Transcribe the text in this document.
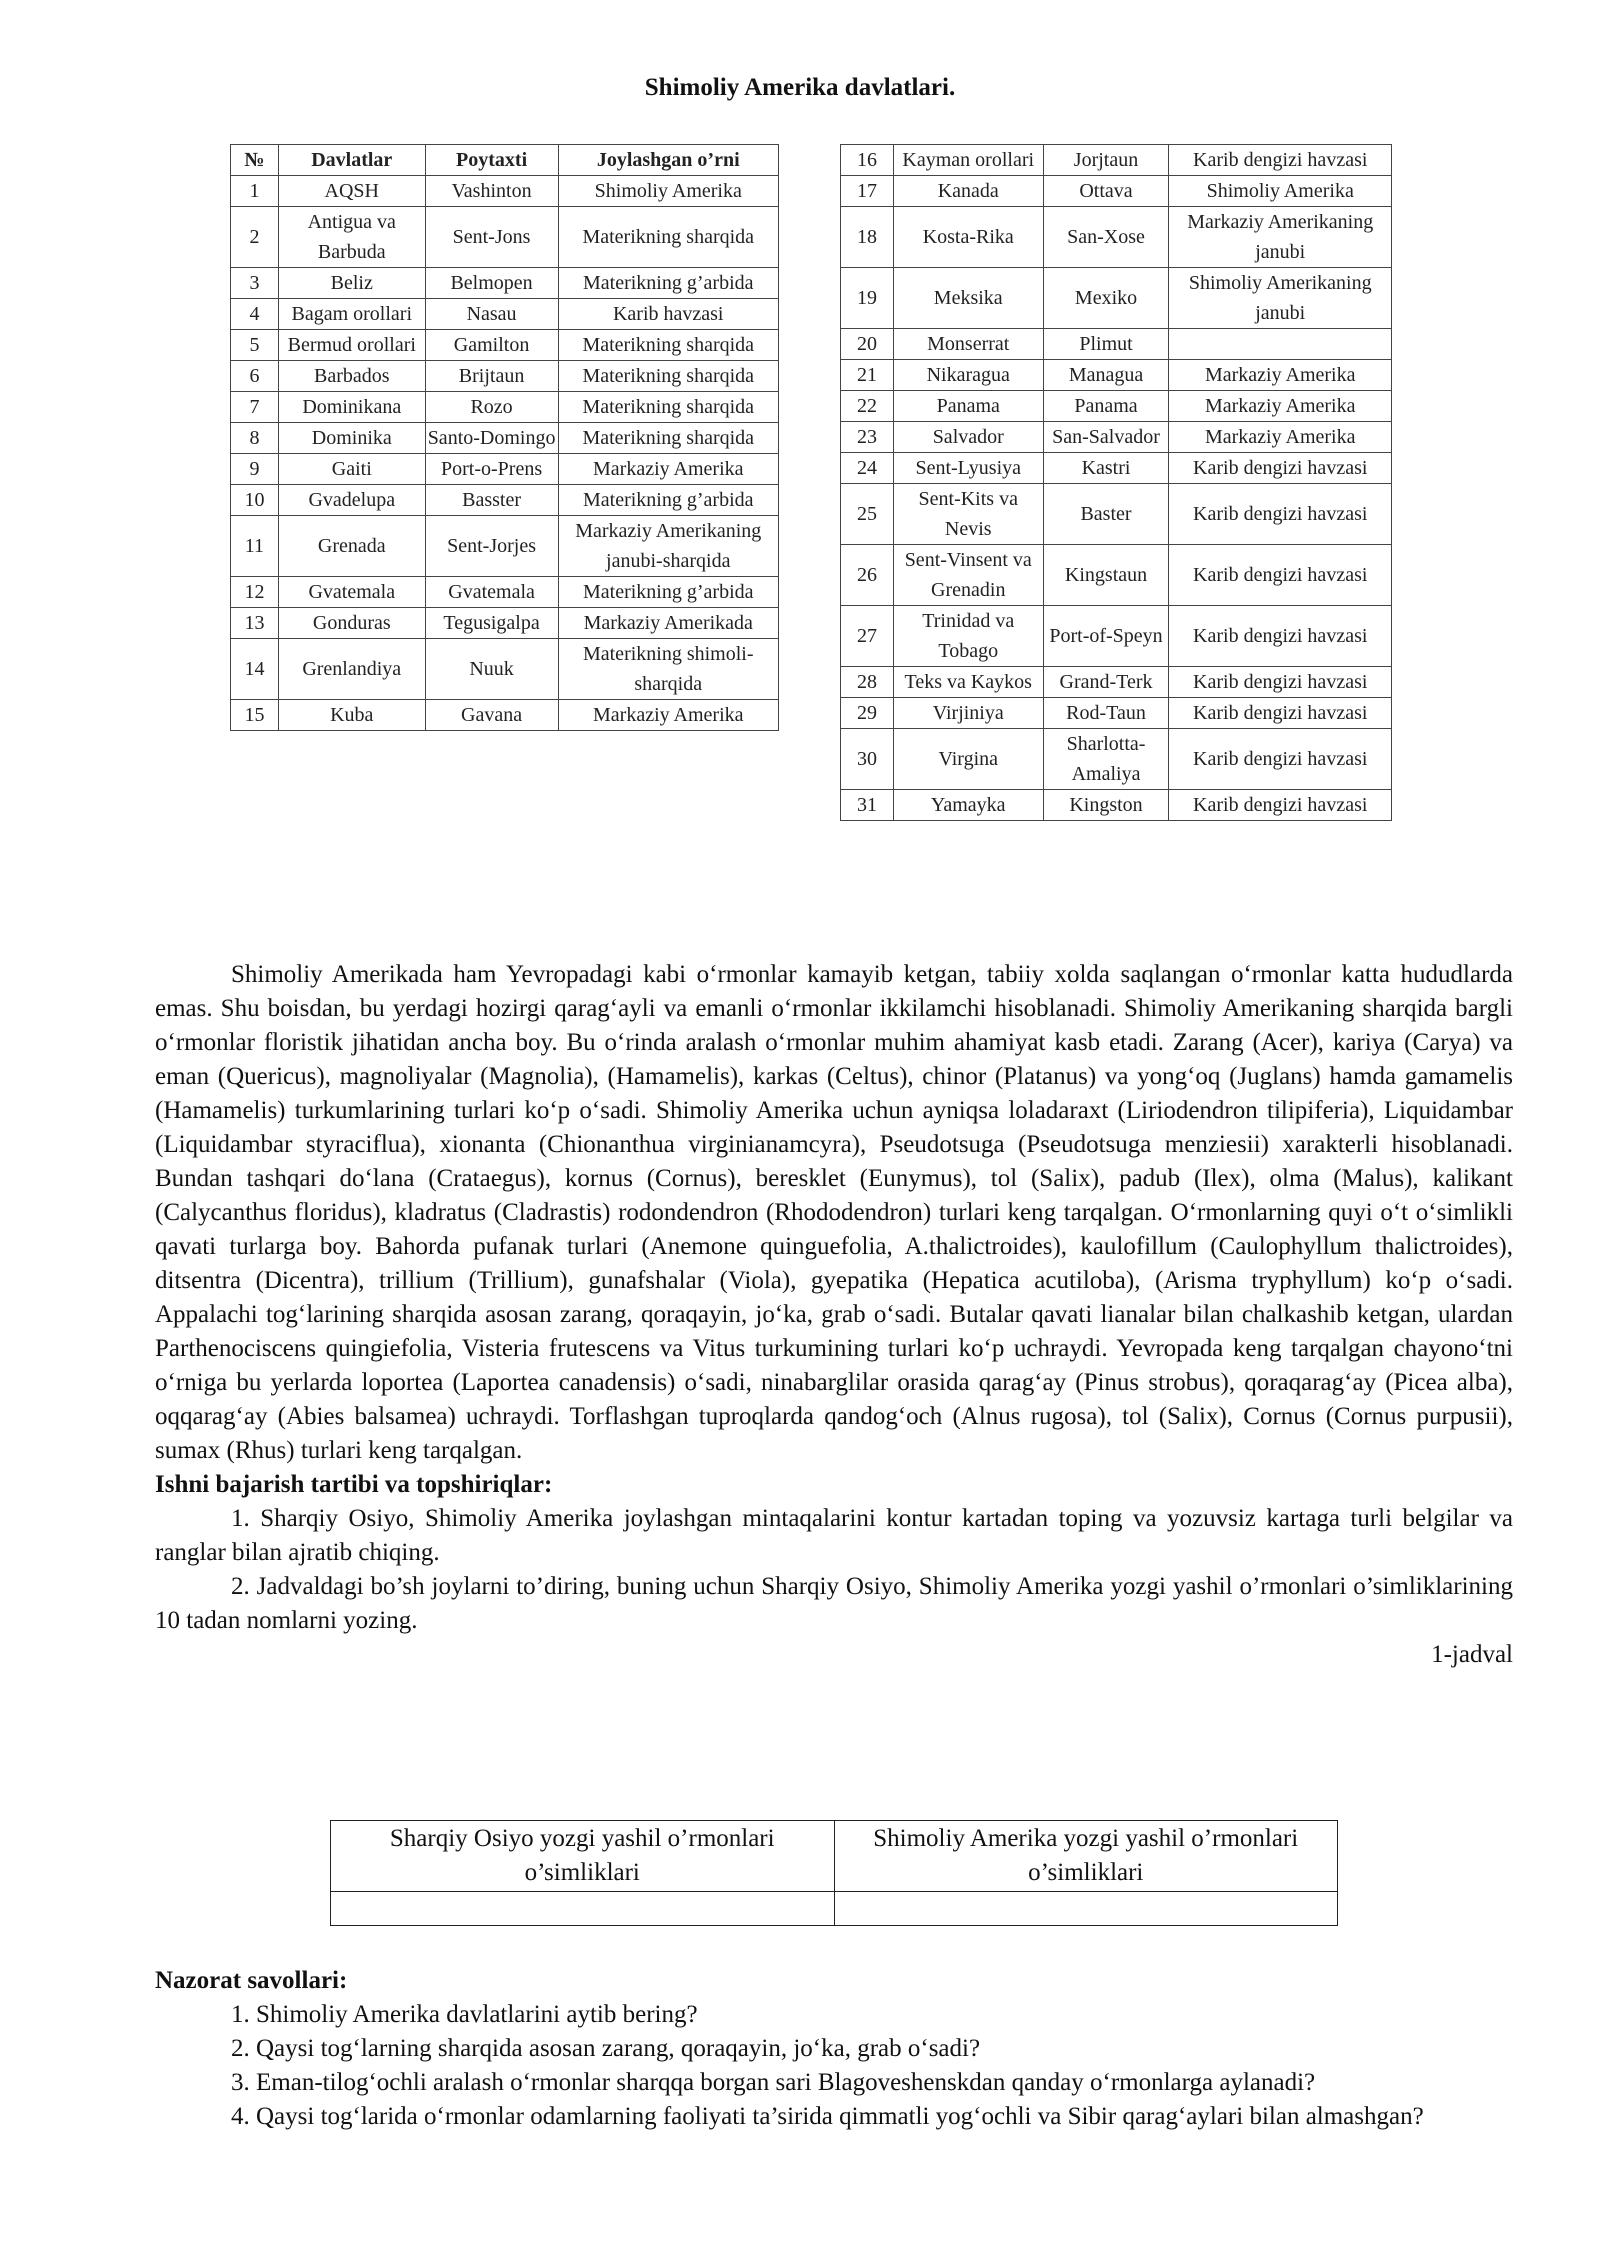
Shimoliy Amerika davlatlari.
№	Davlatlar	Poytaxti	Joylashgan o’rni
1	AQSH	Vashinton	Shimoliy Amerika
2	Antigua va Barbuda	Sent-Jons	Materikning sharqida
3	Beliz	Belmopen	Materikning g’arbida
4	Bagam orollari	Nasau	Karib havzasi
5	Bermud orollari	Gamilton	Materikning sharqida
6	Barbados	Brijtaun	Materikning sharqida
7	Dominikana	Rozo	Materikning sharqida
8	Dominika	Santo-Domingo	Materikning sharqida
9	Gaiti	Port-o-Prens	Markaziy Amerika
10	Gvadelupa	Basster	Materikning g’arbida
11	Grenada	Sent-Jorjes	Markaziy Amerikaning janubi-sharqida
12	Gvatemala	Gvatemala	Materikning g’arbida
13	Gonduras	Tegusigalpa	Markaziy Amerikada
14	Grenlandiya	Nuuk	Materikning shimoli-sharqida
15	Kuba	Gavana	Markaziy Amerika
16	Kayman orollari	Jorjtaun	Karib dengizi havzasi
17	Kanada	Ottava	Shimoliy Amerika
18	Kosta-Rika	San-Xose	Markaziy Amerikaning janubi
19	Meksika	Mexiko	Shimoliy Amerikaning janubi
20	Monserrat	Plimut	
21	Nikaragua	Managua	Markaziy Amerika
22	Panama	Panama	Markaziy Amerika
23	Salvador	San-Salvador	Markaziy Amerika
24	Sent-Lyusiya	Kastri	Karib dengizi havzasi
25	Sent-Kits va Nevis	Baster	Karib dengizi havzasi
26	Sent-Vinsent va Grenadin	Kingstaun	Karib dengizi havzasi
27	Trinidad va Tobago	Port-of-Speyn	Karib dengizi havzasi
28	Teks va Kaykos	Grand-Terk	Karib dengizi havzasi
29	Virjiniya	Rod-Taun	Karib dengizi havzasi
30	Virgina	Sharlotta-Amaliya	Karib dengizi havzasi
31	Yamayka	Kingston	Karib dengizi havzasi

Shimoliy Amerikada ham Yevropadagi kabi o‘rmonlar kamayib ketgan, tabiiy xolda saqlangan o‘rmonlar katta hududlarda emas. Shu boisdan, bu yerdagi hozirgi qarag‘ayli va emanli o‘rmonlar ikkilamchi hisoblanadi. Shimoliy Amerikaning sharqida bargli o‘rmonlar floristik jihatidan ancha boy. Bu o‘rinda aralash o‘rmonlar muhim ahamiyat kasb etadi. Zarang (Acer), kariya (Carya) va eman (Quericus), magnoliyalar (Magnolia), (Hamamelis), karkas (Celtus), chinor (Platanus) va yong‘oq (Juglans) hamda gamamelis (Hamamelis) turkumlarining turlari ko‘p o‘sadi. Shimoliy Amerika uchun ayniqsa loladaraxt (Liriodendron tilipiferia), Liquidambar (Liquidambar styraciflua), xionanta (Chionanthua virginianamcyra), Pseudotsuga (Pseudotsuga menziesii) xarakterli hisoblanadi. Bundan tashqari do‘lana (Crataegus), kornus (Cornus), beresklet (Eunymus), tol (Salix), padub (Ilex), olma (Malus), kalikant (Calycanthus floridus), kladratus (Cladrastis) rodondendron (Rhododendron) turlari keng tarqalgan. O‘rmonlarning quyi o‘t o‘simlikli qavati turlarga boy. Bahorda pufanak turlari (Anemone quinguefolia, A.thalictroides), kaulofillum (Caulophyllum thalictroides), ditsentra (Dicentra), trillium (Trillium), gunafshalar (Viola), gyepatika (Hepatica acutiloba), (Arisma tryphyllum) ko‘p o‘sadi. Appalachi tog‘larining sharqida asosan zarang, qoraqayin, jo‘ka, grab o‘sadi. Butalar qavati lianalar bilan chalkashib ketgan, ulardan Parthenociscens quingiefolia, Visteria frutescens va Vitus turkumining turlari ko‘p uchraydi. Yevropada keng tarqalgan chayono‘tni o‘rniga bu yerlarda loportea (Laportea canadensis) o‘sadi, ninabarglilar orasida qarag‘ay (Pinus strobus), qoraqarag‘ay (Picea alba), oqqarag‘ay (Abies balsamea) uchraydi. Torflashgan tuproqlarda qandog‘och (Alnus rugosa), tol (Salix), Cornus (Cornus purpusii), sumax (Rhus) turlari keng tarqalgan.

Ishni bajarish tartibi va topshiriqlar:

1. Sharqiy Osiyo, Shimoliy Amerika joylashgan mintaqalarini kontur kartadan toping va yozuvsiz kartaga turli belgilar va ranglar bilan ajratib chiqing.

2. Jadvaldagi bo’sh joylarni to’diring, buning uchun Sharqiy Osiyo, Shimoliy Amerika yozgi yashil o’rmonlari o’simliklarining 10 tadan nomlarni yozing.

1-jadval

Sharqiy Osiyo yozgi yashil o’rmonlari o’simliklari	Shimoliy Amerika yozgi yashil o’rmonlari o’simliklari

Nazorat savollari:

1. Shimoliy Amerika davlatlarini aytib bering?

2. Qaysi tog‘larning sharqida asosan zarang, qoraqayin, jo‘ka, grab o‘sadi?

3. Eman-tilog‘ochli aralash o‘rmonlar sharqqa borgan sari Blagoveshenskdan qanday o‘rmonlarga aylanadi?

4. Qaysi tog‘larida o‘rmonlar odamlarning faoliyati ta’sirida qimmatli yog‘ochli va Sibir qarag‘aylari bilan almashgan?
